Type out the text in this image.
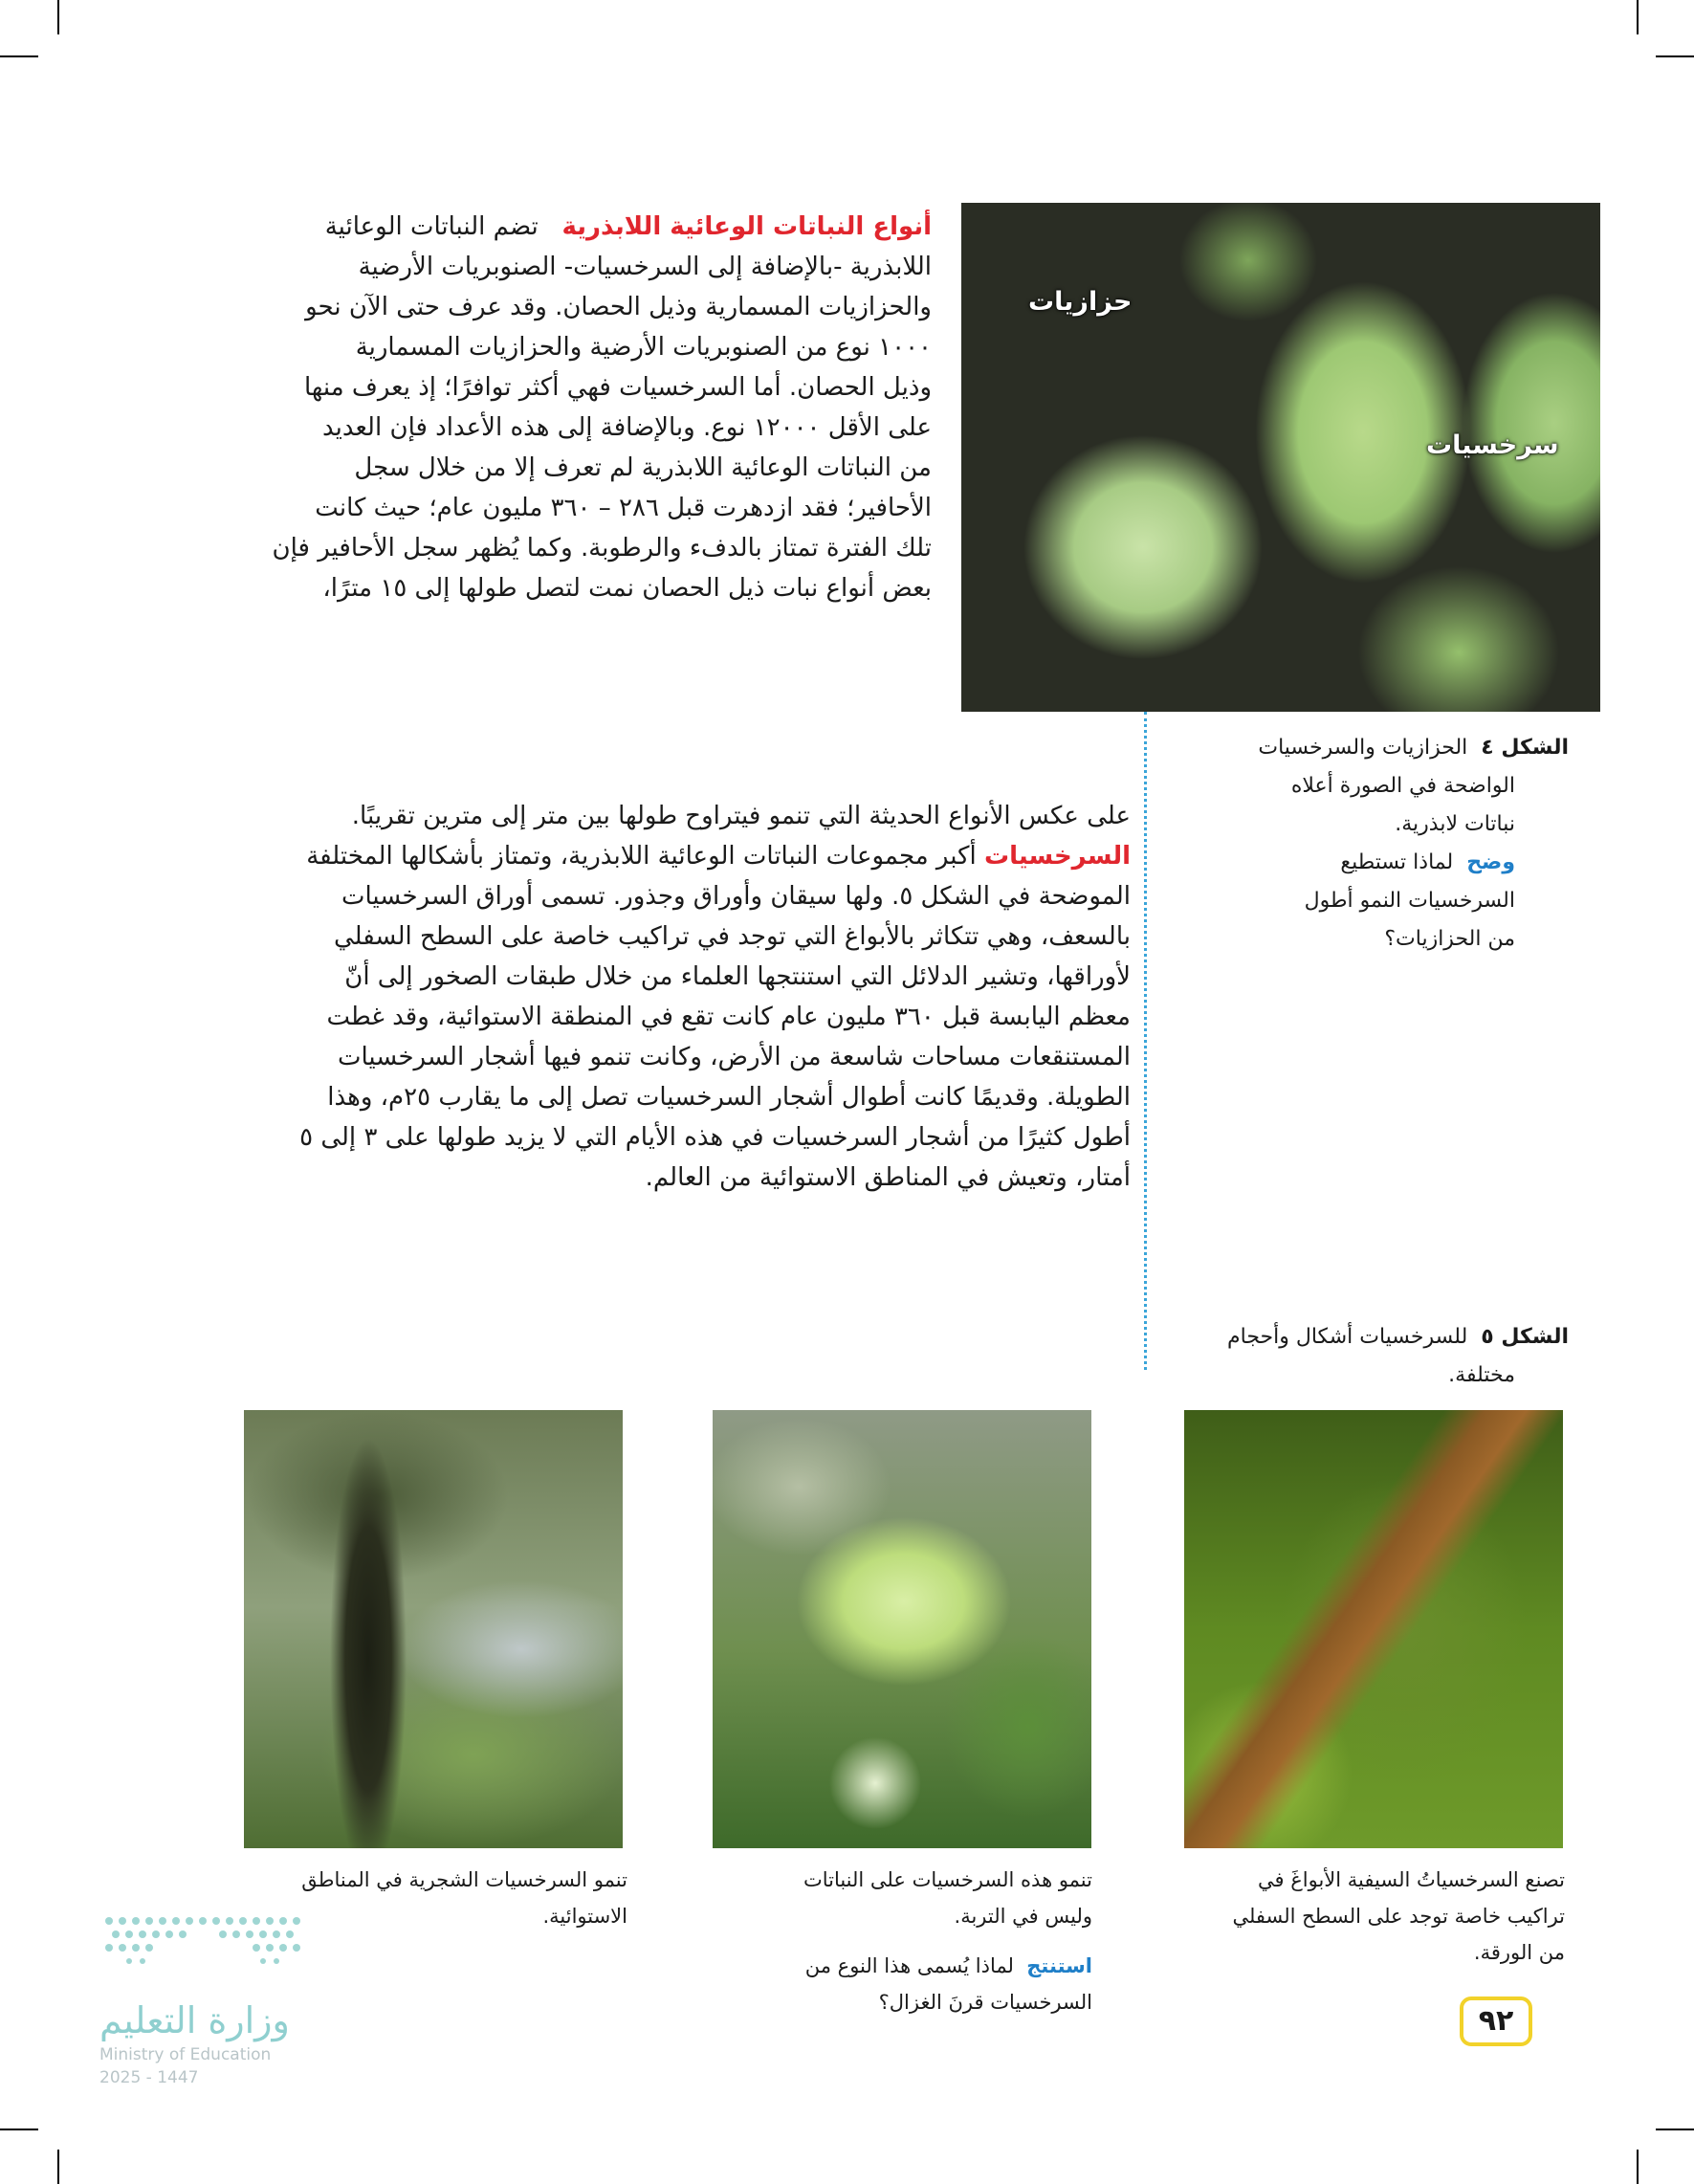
حزازيات
سرخسيات
أنواع النباتات الوعائية اللابذرية   تضم النباتات الوعائية
اللابذرية -بالإضافة إلى السرخسيات- الصنوبريات الأرضية
والحزازيات المسمارية وذيل الحصان. وقد عرف حتى الآن نحو
١٠٠٠ نوع من الصنوبريات الأرضية والحزازيات المسمارية
وذيل الحصان. أما السرخسيات فهي أكثر توافرًا؛ إذ يعرف منها
على الأقل ١٢٠٠٠ نوع. وبالإضافة إلى هذه الأعداد فإن العديد
من النباتات الوعائية اللابذرية لم تعرف إلا من خلال سجل
الأحافير؛ فقد ازدهرت قبل ٢٨٦ – ٣٦٠ مليون عام؛ حيث كانت
تلك الفترة تمتاز بالدفء والرطوبة. وكما يُظهر سجل الأحافير فإن
بعض أنواع نبات ذيل الحصان نمت لتصل طولها إلى ١٥ مترًا،
على عكس الأنواع الحديثة التي تنمو فيتراوح طولها بين متر إلى مترين تقريبًا.
السرخسيات أكبر مجموعات النباتات الوعائية اللابذرية، وتمتاز بأشكالها المختلفة
الموضحة في الشكل ٥. ولها سيقان وأوراق وجذور. تسمى أوراق السرخسيات
بالسعف، وهي تتكاثر بالأبواغ التي توجد في تراكيب خاصة على السطح السفلي
لأوراقها، وتشير الدلائل التي استنتجها العلماء من خلال طبقات الصخور إلى أنّ
معظم اليابسة قبل ٣٦٠ مليون عام كانت تقع في المنطقة الاستوائية، وقد غطت
المستنقعات مساحات شاسعة من الأرض، وكانت تنمو فيها أشجار السرخسيات
الطويلة. وقديمًا كانت أطوال أشجار السرخسيات تصل إلى ما يقارب ٢٥م، وهذا
أطول كثيرًا من أشجار السرخسيات في هذه الأيام التي لا يزيد طولها على ٣ إلى ٥
أمتار، وتعيش في المناطق الاستوائية من العالم.
الشكل ٤  الحزازيات والسرخسيات
الواضحة في الصورة أعلاه
نباتات لابذرية.
وضح  لماذا تستطيع
السرخسيات النمو أطول
من الحزازيات؟
الشكل ٥  للسرخسيات أشكال وأحجام
مختلفة.
تصنع السرخسياتُ السيفية الأبواغَ في
تراكيب خاصة توجد على السطح السفلي
من الورقة.
تنمو هذه السرخسيات على النباتات
وليس في التربة.
استنتج  لماذا يُسمى هذا النوع من
السرخسيات قرنَ الغزال؟
تنمو السرخسيات الشجرية في المناطق
الاستوائية.
٩٢
وزارة التعليم
Ministry of Education
2025 - 1447
